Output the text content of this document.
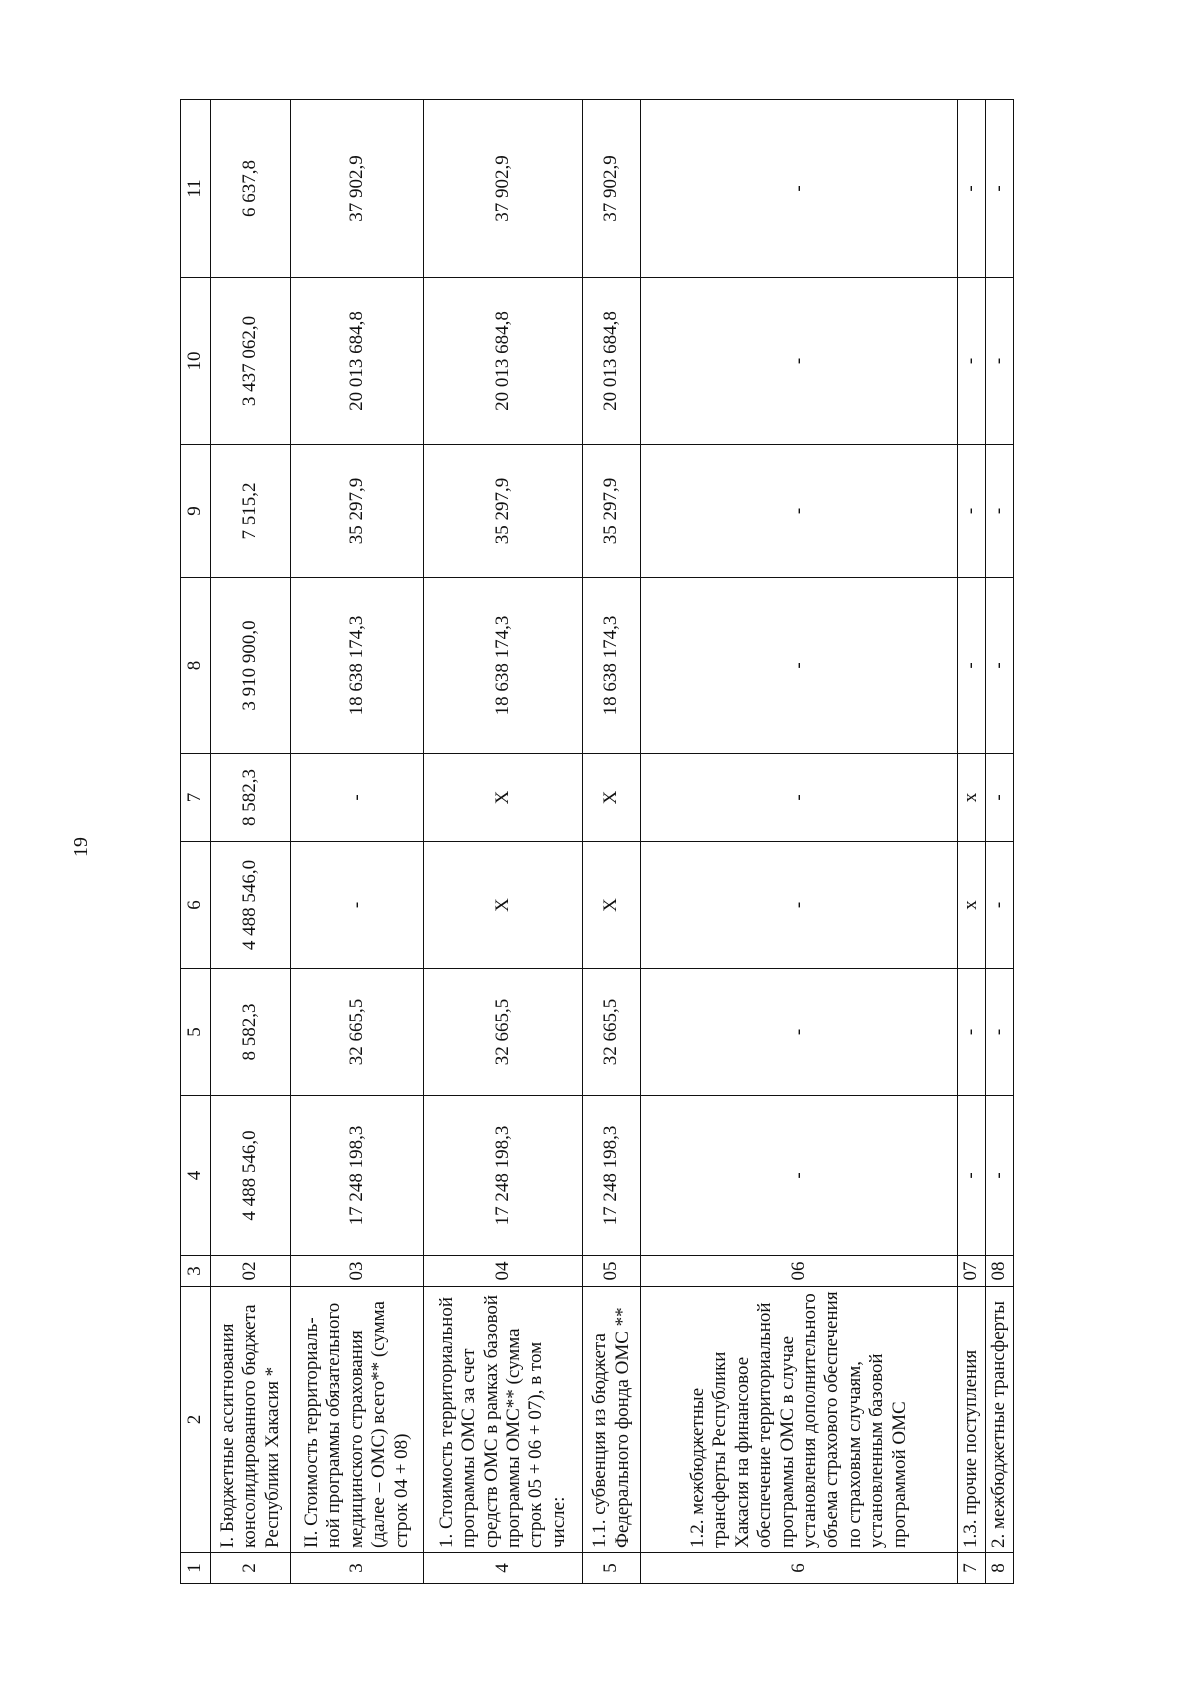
19
1	2	3	4	5	6	7	8	9	10	11
2	I. Бюджетные ассигнования консолидированного бюджета Республики Хакасия *	02	4 488 546,0	8 582,3	4 488 546,0	8 582,3	3 910 900,0	7 515,2	3 437 062,0	6 637,8
3	II. Стоимость территориаль-ной программы обязательного медицинского страхования (далее – ОМС) всего** (сумма строк 04 + 08)	03	17 248 198,3	32 665,5	-	-	18 638 174,3	35 297,9	20 013 684,8	37 902,9
4	1. Стоимость территориальной программы ОМС за счет средств ОМС в рамках базовой программы ОМС** (сумма строк 05 + 06 + 07), в том числе:	04	17 248 198,3	32 665,5	Х	Х	18 638 174,3	35 297,9	20 013 684,8	37 902,9
5	1.1. субвенция из бюджета Федерального фонда ОМС **	05	17 248 198,3	32 665,5	Х	Х	18 638 174,3	35 297,9	20 013 684,8	37 902,9
6	1.2. межбюджетные трансферты Республики Хакасия на финансовое обеспечение территориальной программы ОМС в случае установления дополнительного объема страхового обеспечения по страховым случаям, установленным базовой программой ОМС	06	-	-	-	-	-	-	-	-
7	1.3. прочие поступления	07	-	-	х	х	-	-	-	-
8	2. межбюджетные трансферты	08	-	-	-	-	-	-	-	-
